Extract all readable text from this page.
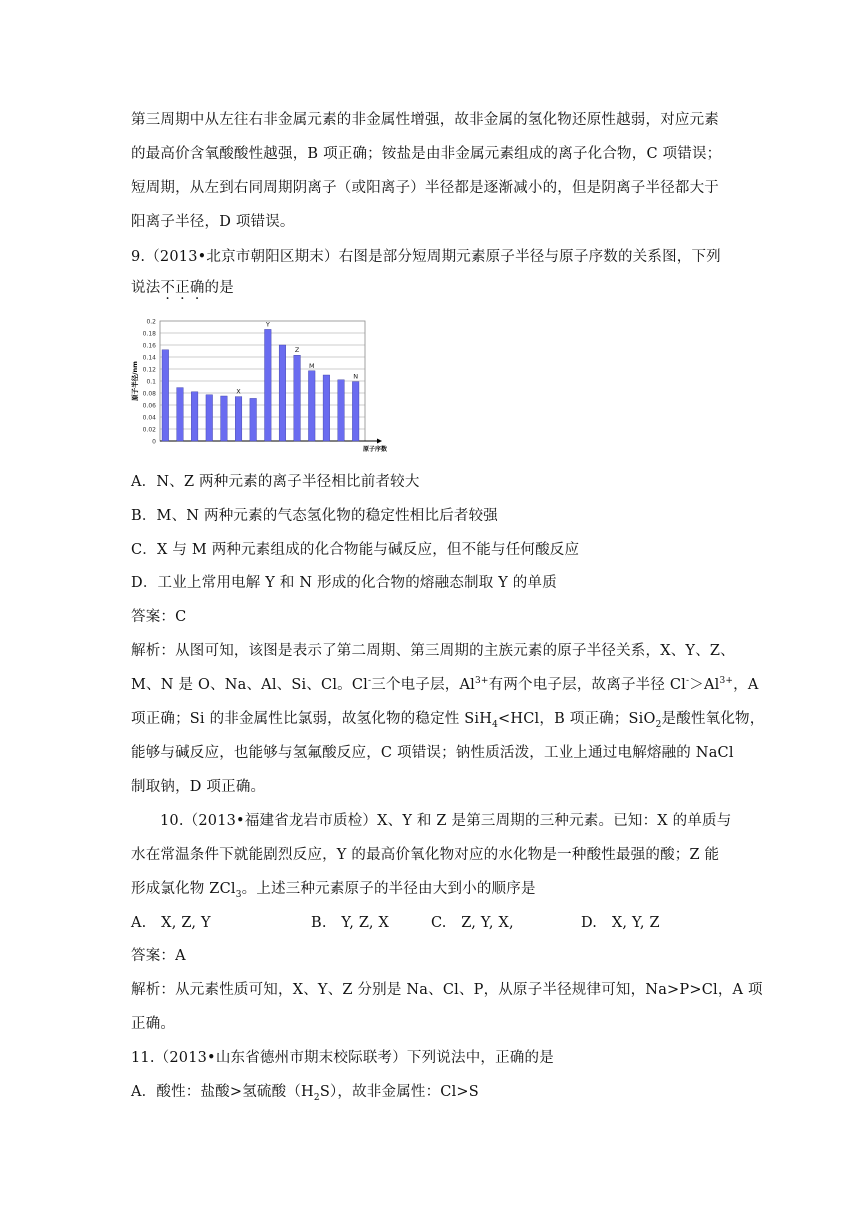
第三周期中从左往右非金属元素的非金属性增强，故非金属的氢化物还原性越弱，对应元素
的最高价含氧酸酸性越强，B 项正确；铵盐是由非金属元素组成的离子化合物，C 项错误；
短周期，从左到右同周期阴离子（或阳离子）半径都是逐渐减小的，但是阴离子半径都大于
阳离子半径，D 项错误。
9.（2013•北京市朝阳区期末）右图是部分短周期元素原子半径与原子序数的关系图，下列
说法不正确的是
0
0.02
0.04
0.06
0.08
0.1
0.12
0.14
0.16
0.18
0.2
原子序数
原子半径/nm	X
Y
Z
M
N
A．N、Z 两种元素的离子半径相比前者较大
B．M、N 两种元素的气态氢化物的稳定性相比后者较强
C．X 与 M 两种元素组成的化合物能与碱反应，但不能与任何酸反应
D．工业上常用电解 Y 和 N 形成的化合物的熔融态制取 Y 的单质
答案：C
解析：从图可知，该图是表示了第二周期、第三周期的主族元素的原子半径关系，X、Y、Z、
M、N 是 O、Na、Al、Si、Cl。Cl-三个电子层，$Al^{3+}$有两个电子层，故离子半径 $Cl^->Al^{3+}$，A
项正确；Si 的非金属性比氯弱，故氢化物的稳定性 SiH$_4$<HCl，B 项正确；SiO$_2$是酸性氧化物，
能够与碱反应，也能够与氢氟酸反应，C 项错误；钠性质活泼，工业上通过电解熔融的 NaCl
制取钠，D 项正确。
10.（2013•福建省龙岩市质检）X、Y 和 Z 是第三周期的三种元素。已知：X 的单质与
水在常温条件下就能剧烈反应，Y 的最高价氧化物对应的水化物是一种酸性最强的酸；Z 能
形成氯化物 ZCl$_3$。上述三种元素原子的半径由大到小的顺序是
A.　X, Z, Y	B.　Y, Z, X	C.　Z, Y, X,	D.　X, Y, Z
答案：A
解析：从元素性质可知，X、Y、Z 分别是 Na、Cl、P，从原子半径规律可知，Na>P>Cl，A 项
正确。
11.（2013•山东省德州市期末校际联考）下列说法中，正确的是
A．酸性：盐酸>氢硫酸$(H_2S)$，故非金属性：Cl>S
